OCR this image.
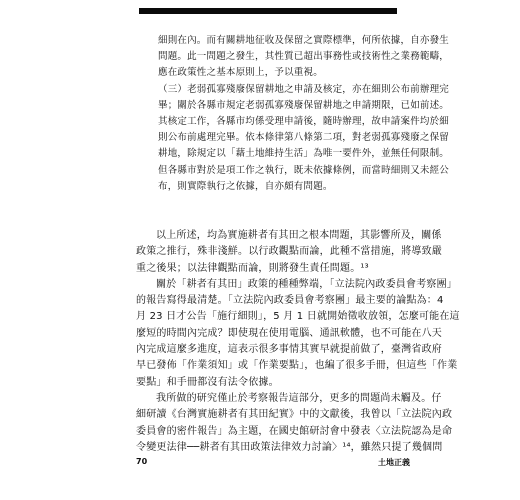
細則在內。而有關耕地征收及保留之實際標準，何所依據，自亦發生

問題。此一問題之發生，其性質已超出事務性或技術性之業務範疇，

應在政策性之基本原則上，予以重視。

（三）老弱孤寡殘廢保留耕地之申請及核定，亦在細則公布前辦理完

畢；關於各縣市規定老弱孤寡殘廢保留耕地之申請期限，已如前述。

其核定工作，各縣市均係受理申請後，隨時辦理，故申請案件均於細

則公布前處理完畢。依本條律第八條第二項，對老弱孤寡殘廢之保留

耕地，除規定以「藉土地維持生活」為唯一要件外，並無任何限制。

但各縣市對於是項工作之執行，既未依據條例，而當時細則又未經公

布，則實際執行之依據，自亦頗有問題。

以上所述，均為實施耕者有其田之根本問題，其影響所及，關係

政策之推行，殊非淺鮮。以行政觀點而論，此種不當措施，將導致嚴

重之後果；以法律觀點而論，則將發生責任問題。¹³

關於「耕者有其田」政策的種種弊端，「立法院內政委員會考察團」

的報告寫得最清楚。「立法院內政委員會考察團」最主要的論點為：4

月 23 日才公告「施行細則」，5 月 1 日就開始徵收放領，怎麼可能在這

麼短的時間內完成？即使現在使用電腦、通訊軟體，也不可能在八天

內完成這麼多進度，這表示很多事情其實早就提前做了，臺灣省政府

早已發佈「作業須知」或「作業要點」，也編了很多手冊，但這些「作業

要點」和手冊都沒有法令依據。

我所做的研究僅止於考察報告這部分，更多的問題尚未觸及。仔

細研讀《台灣實施耕者有其田紀實》中的文獻後，我曾以「立法院內政

委員會的密件報告」為主題，在國史館研討會中發表〈立法院認為是命

令變更法律──耕者有其田政策法律效力討論〉¹⁴，雖然只提了幾個問

70	土地正義
